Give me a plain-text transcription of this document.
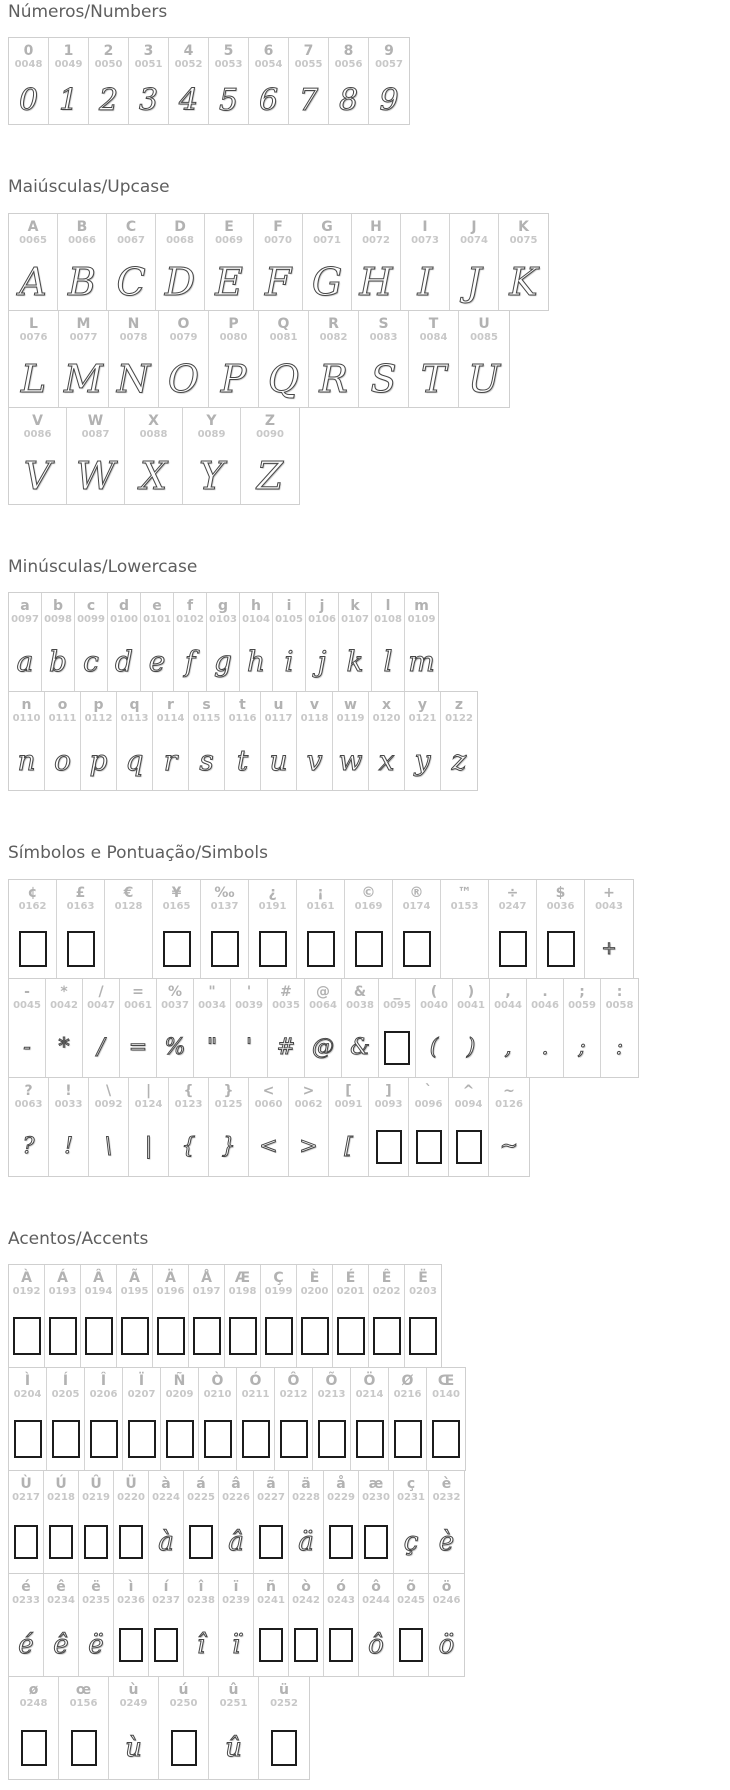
Números/Numbers
0
0048
0
1
0049
1
2
0050
2
3
0051
3
4
0052
4
5
0053
5
6
0054
6
7
0055
7
8
0056
8
9
0057
9
Maiúsculas/Upcase
A
0065
A
B
0066
B
C
0067
C
D
0068
D
E
0069
E
F
0070
F
G
0071
G
H
0072
H
I
0073
I
J
0074
J
K
0075
K
L
0076
L
M
0077
M
N
0078
N
O
0079
O
P
0080
P
Q
0081
Q
R
0082
R
S
0083
S
T
0084
T
U
0085
U
V
0086
V
W
0087
W
X
0088
X
Y
0089
Y
Z
0090
Z
Minúsculas/Lowercase
a
0097
a
b
0098
b
c
0099
c
d
0100
d
e
0101
e
f
0102
f
g
0103
g
h
0104
h
i
0105
i
j
0106
j
k
0107
k
l
0108
l
m
0109
m
n
0110
n
o
0111
o
p
0112
p
q
0113
q
r
0114
r
s
0115
s
t
0116
t
u
0117
u
v
0118
v
w
0119
w
x
0120
x
y
0121
y
z
0122
z
Símbolos e Pontuação/Simbols
¢
0162
£
0163
€
0128
¥
0165
‰
0137
¿
0191
¡
0161
©
0169
®
0174
™
0153
÷
0247
$
0036
+
0043
+
-
0045
-
*
0042
*
/
0047
/
=
0061
=
%
0037
%
"
0034
"
'
0039
'
#
0035
#
@
0064
@
&
0038
&
_
0095
(
0040
(
)
0041
)
,
0044
,
.
0046
.
;
0059
;
:
0058
:
?
0063
?
!
0033
!
\
0092
\
|
0124
|
{
0123
{
}
0125
}
<
0060
<
>
0062
>
[
0091
[
]
0093
`
0096
^
0094
~
0126
~
Acentos/Accents
À
0192
Á
0193
Â
0194
Ã
0195
Ä
0196
Å
0197
Æ
0198
Ç
0199
È
0200
É
0201
Ê
0202
Ë
0203
Ì
0204
Í
0205
Î
0206
Ï
0207
Ñ
0209
Ò
0210
Ó
0211
Ô
0212
Õ
0213
Ö
0214
Ø
0216
Œ
0140
Ù
0217
Ú
0218
Û
0219
Ü
0220
à
0224
à
á
0225
â
0226
â
ã
0227
ä
0228
ä
å
0229
æ
0230
ç
0231
ç
è
0232
è
é
0233
é
ê
0234
ê
ë
0235
ë
ì
0236
í
0237
î
0238
î
ï
0239
ï
ñ
0241
ò
0242
ó
0243
ô
0244
ô
õ
0245
ö
0246
ö
ø
0248
œ
0156
ù
0249
ù
ú
0250
û
0251
û
ü
0252
